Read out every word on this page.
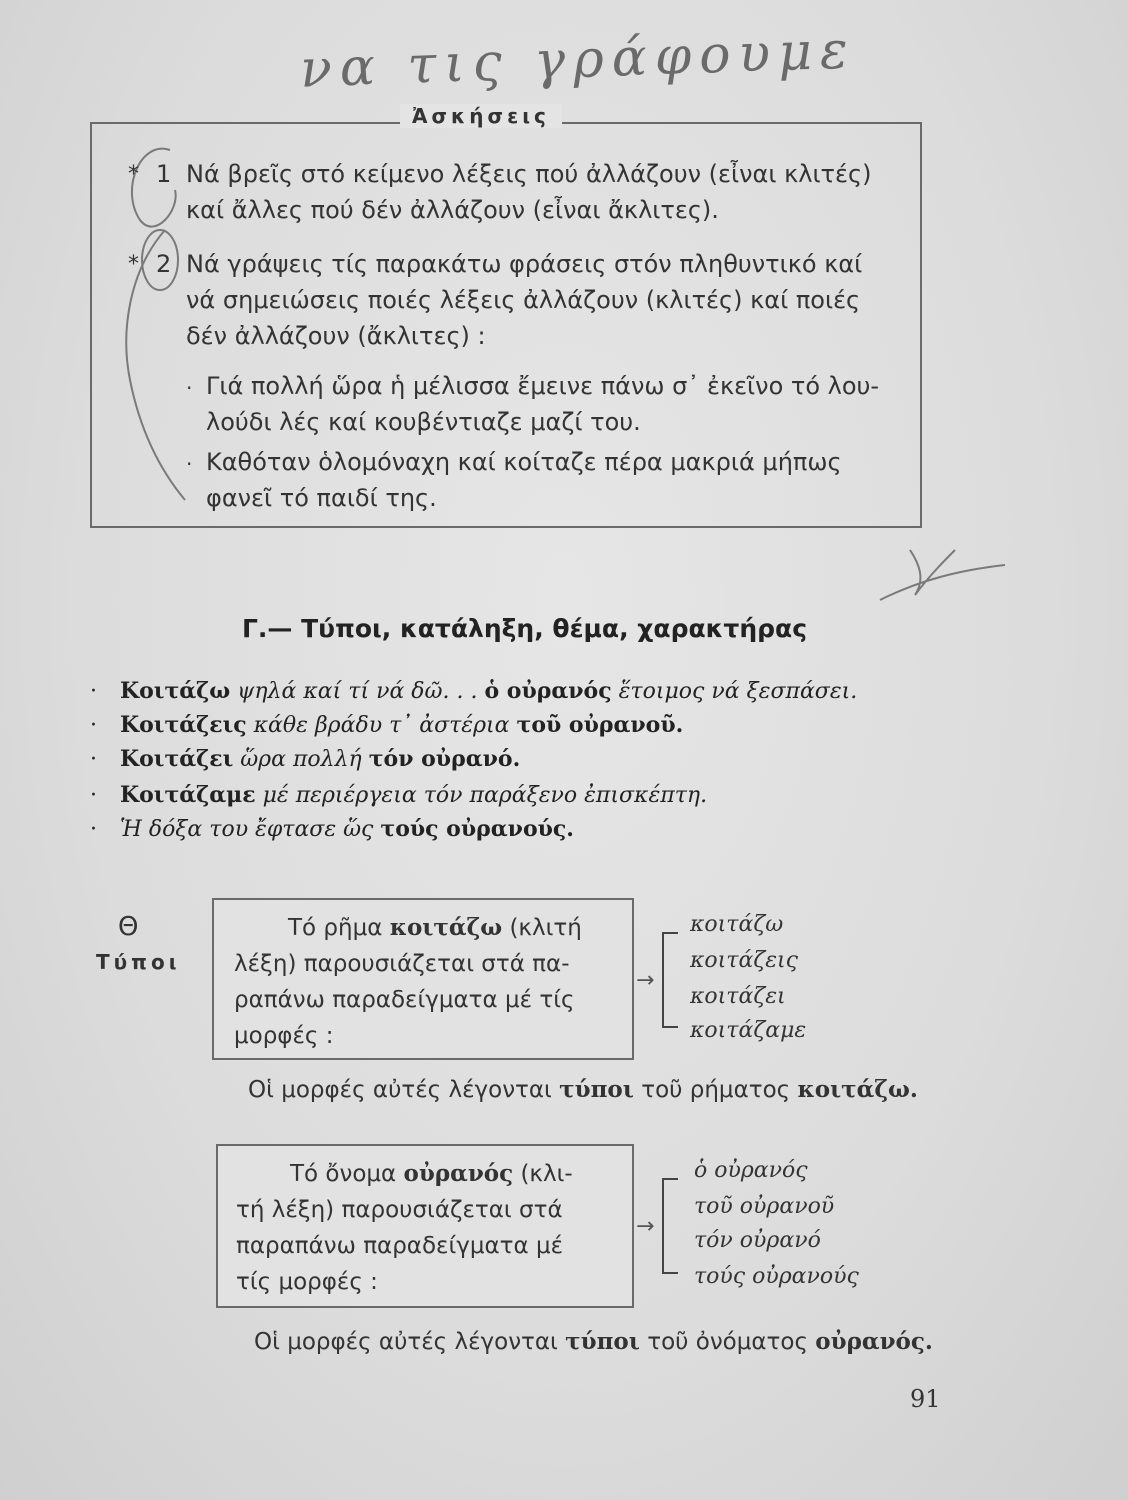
να τις γράφουμε
Ἀσκήσεις
* 1 Νά βρεῖς στό κείμενο λέξεις πού ἀλλάζουν (εἶναι κλιτές)
καί ἄλλες πού δέν ἀλλάζουν (εἶναι ἄκλιτες).
* 2 Νά γράψεις τίς παρακάτω φράσεις στόν πληθυντικό καί
νά σημειώσεις ποιές λέξεις ἀλλάζουν (κλιτές) καί ποιές
δέν ἀλλάζουν (ἄκλιτες) :
· Γιά πολλή ὥρα ἡ μέλισσα ἔμεινε πάνω σ᾿ ἐκεῖνο τό λου-
λούδι λές καί κουβέντιαζε μαζί του.
· Καθόταν ὁλομόναχη καί κοίταζε πέρα μακριά μήπως
φανεῖ τό παιδί της.
Γ.— Τύποι, κατάληξη, θέμα, χαρακτήρας
· Κοιτάζω ψηλά καί τί νά δῶ. . . ὁ οὐρανός ἕτοιμος νά ξεσπάσει.
· Κοιτάζεις κάθε βράδυ τ᾿ ἀστέρια τοῦ οὐρανοῦ.
· Κοιτάζει ὥρα πολλή τόν οὐρανό.
· Κοιτάζαμε μέ περιέργεια τόν παράξενο ἐπισκέπτη.
· Ἡ δόξα του ἔφτασε ὥς τούς οὐρανούς.
Θ
Τύποι
Τό ρῆμα κοιτάζω (κλιτή
λέξη) παρουσιάζεται στά πα-
ραπάνω παραδείγματα μέ τίς
μορφές :
→
κοιτάζω
κοιτάζεις
κοιτάζει
κοιτάζαμε
Οἱ μορφές αὐτές λέγονται τύποι τοῦ ρήματος κοιτάζω.
Τό ὄνομα οὐρανός (κλι-
τή λέξη) παρουσιάζεται στά
παραπάνω παραδείγματα μέ
τίς μορφές :
→
ὁ οὐρανός
τοῦ οὐρανοῦ
τόν οὐρανό
τούς οὐρανούς
Οἱ μορφές αὐτές λέγονται τύποι τοῦ ὀνόματος οὐρανός.
91
